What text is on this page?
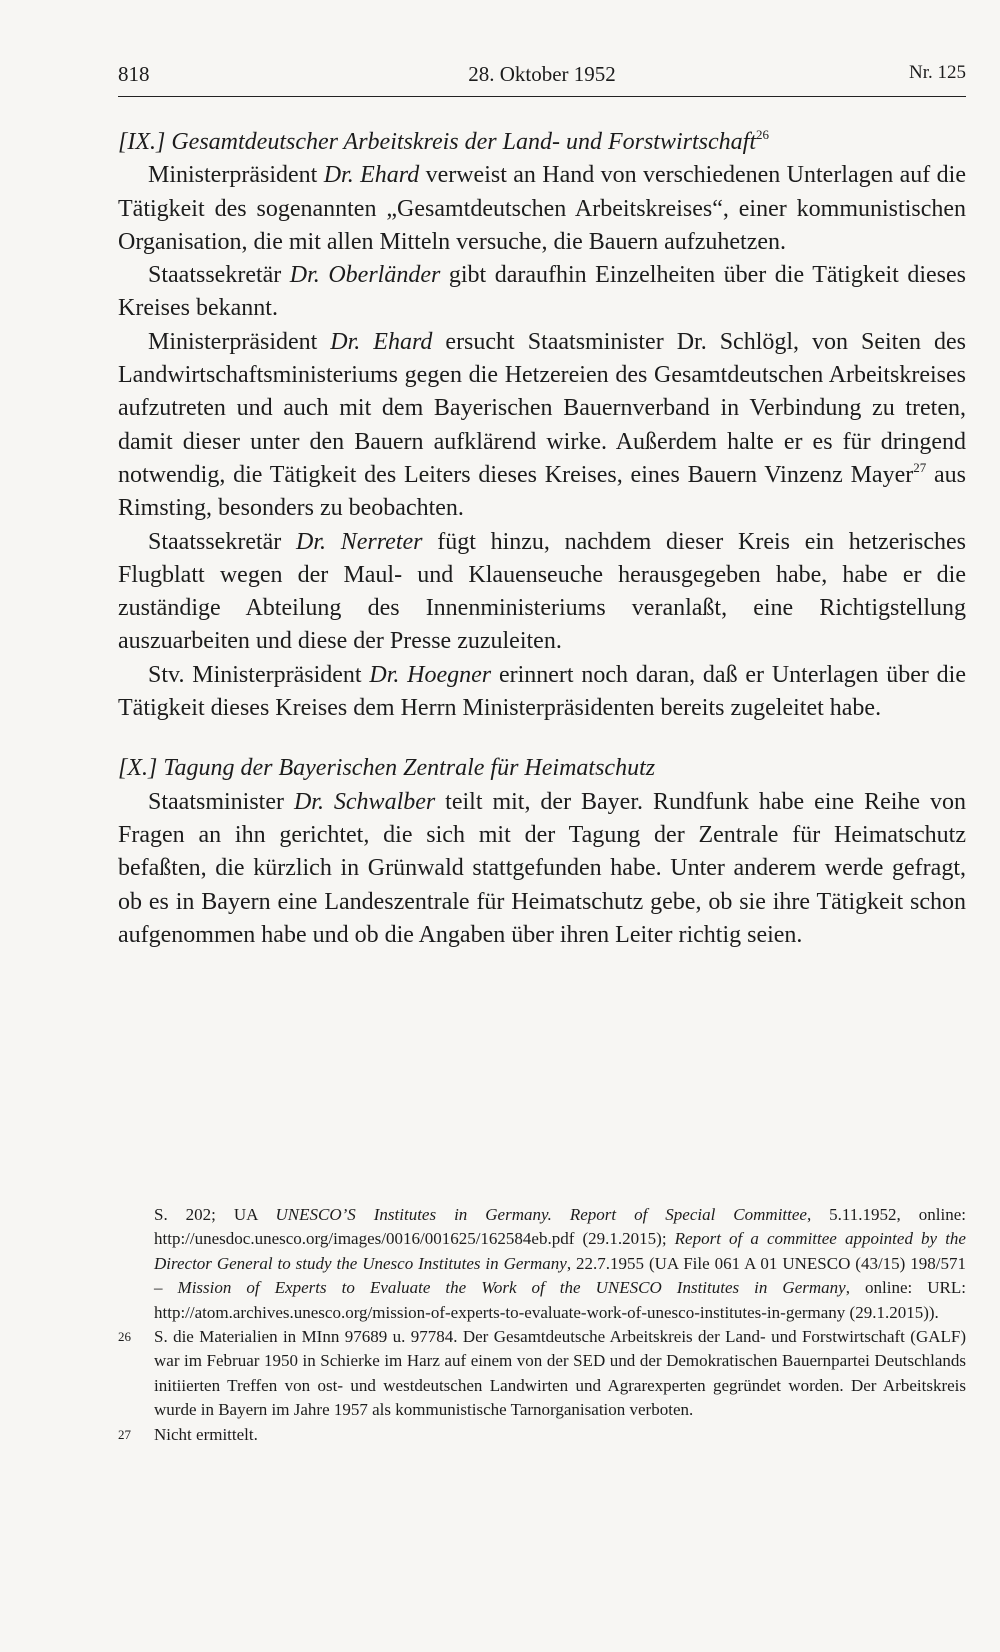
818	28. Oktober 1952	Nr. 125

[IX.] Gesamtdeutscher Arbeitskreis der Land- und Forstwirtschaft$^{26}$

Ministerpräsident Dr. Ehard verweist an Hand von verschiedenen Unterlagen auf die Tätigkeit des sogenannten „Gesamtdeutschen Arbeitskreises“, einer kommunistischen Organisation, die mit allen Mitteln versuche, die Bauern aufzuhetzen.

Staatssekretär Dr. Oberländer gibt daraufhin Einzelheiten über die Tätigkeit dieses Kreises bekannt.

Ministerpräsident Dr. Ehard ersucht Staatsminister Dr. Schlögl, von Seiten des Landwirtschaftsministeriums gegen die Hetzereien des Gesamtdeutschen Arbeitskreises aufzutreten und auch mit dem Bayerischen Bauernverband in Verbindung zu treten, damit dieser unter den Bauern aufklärend wirke. Außerdem halte er es für dringend notwendig, die Tätigkeit des Leiters dieses Kreises, eines Bauern Vinzenz Mayer$^{27}$ aus Rimsting, besonders zu beobachten.

Staatssekretär Dr. Nerreter fügt hinzu, nachdem dieser Kreis ein hetzerisches Flugblatt wegen der Maul- und Klauenseuche herausgegeben habe, habe er die zuständige Abteilung des Innenministeriums veranlaßt, eine Richtigstellung auszuarbeiten und diese der Presse zuzuleiten.

Stv. Ministerpräsident Dr. Hoegner erinnert noch daran, daß er Unterlagen über die Tätigkeit dieses Kreises dem Herrn Ministerpräsidenten bereits zugeleitet habe.

[X.] Tagung der Bayerischen Zentrale für Heimatschutz

Staatsminister Dr. Schwalber teilt mit, der Bayer. Rundfunk habe eine Reihe von Fragen an ihn gerichtet, die sich mit der Tagung der Zentrale für Heimatschutz befaßten, die kürzlich in Grünwald stattgefunden habe. Unter anderem werde gefragt, ob es in Bayern eine Landeszentrale für Heimatschutz gebe, ob sie ihre Tätigkeit schon aufgenommen habe und ob die Angaben über ihren Leiter richtig seien.

S. 202; UA UNESCO’S Institutes in Germany. Report of Special Committee, 5.11.1952, online: http://unesdoc.unesco.org/images/0016/001625/162584eb.pdf (29.1.2015); Report of a committee appointed by the Director General to study the Unesco Institutes in Germany, 22.7.1955 (UA File 061 A 01 UNESCO (43/15) 198/571 – Mission of Experts to Evaluate the Work of the UNESCO Institutes in Germany, online: URL: http://atom.archives.unesco.org/mission-of-experts-to-evaluate-work-of-unesco-institutes-in-germany (29.1.2015)).

26 S. die Materialien in MInn 97689 u. 97784. Der Gesamtdeutsche Arbeitskreis der Land- und Forstwirtschaft (GALF) war im Februar 1950 in Schierke im Harz auf einem von der SED und der Demokratischen Bauernpartei Deutschlands initiierten Treffen von ost- und westdeutschen Landwirten und Agrarexperten gegründet worden. Der Arbeitskreis wurde in Bayern im Jahre 1957 als kommunistische Tarnorganisation verboten.

27 Nicht ermittelt.
